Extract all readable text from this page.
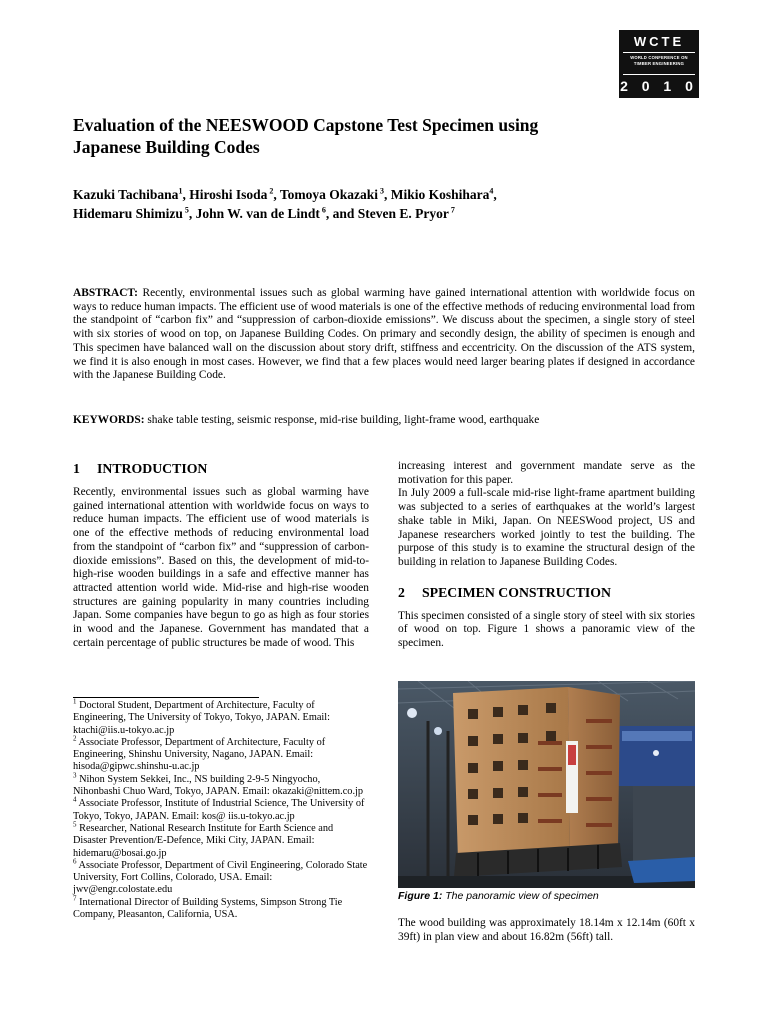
WCTE
WORLD CONFERENCE ON
TIMBER ENGINEERING
2 0 1 0
Evaluation of the NEESWOOD Capstone Test Specimen using
Japanese Building Codes
Kazuki Tachibana$^1$, Hiroshi Isoda $^2$, Tomoya Okazaki $^3$, Mikio Koshihara$^4$,
Hidemaru Shimizu $^5$, John W. van de Lindt $^6$, and Steven E. Pryor $^7$
ABSTRACT: Recently, environmental issues such as global warming have gained international attention with worldwide focus on ways to reduce human impacts. The efficient use of wood materials is one of the effective methods of reducing environmental load from the standpoint of “carbon fix” and “suppression of carbon-dioxide emissions”. We discuss about the specimen, a single story of steel with six stories of wood on top, on Japanese Building Codes. On primary and secondly design, the ability of specimen is enough and This specimen have balanced wall on the discussion about story drift, stiffness and eccentricity. On the discussion of the ATS system, we find it is also enough in most cases. However, we find that a few places would need larger bearing plates if designed in accordance with the Japanese Building Code.
KEYWORDS: shake table testing, seismic response, mid-rise building, light-frame wood, earthquake
1 INTRODUCTION

Recently, environmental issues such as global warming have gained international attention with worldwide focus on ways to reduce human impacts. The efficient use of wood materials is one of the effective methods of reducing environmental load from the standpoint of “carbon fix” and “suppression of carbon-dioxide emissions”. Based on this, the development of mid-to-high-rise wooden buildings in a safe and effective manner has attracted attention world wide. Mid-rise and high-rise wooden structures are gaining popularity in many countries including Japan. Some companies have begun to go as high as four stories in wood and the Japanese. Government has mandated that a certain percentage of public structures be made of wood. This

$^1$ Doctoral Student, Department of Architecture, Faculty of Engineering, The University of Tokyo, Tokyo, JAPAN. Email: ktachi@iis.u-tokyo.ac.jp

$^2$ Associate Professor, Department of Architecture, Faculty of Engineering, Shinshu University, Nagano, JAPAN. Email: hisoda@gipwc.shinshu-u.ac.jp

$^3$ Nihon System Sekkei, Inc., NS building 2-9-5 Ningyocho, Nihonbashi Chuo Ward, Tokyo, JAPAN. Email: okazaki@nittem.co.jp

$^4$ Associate Professor, Institute of Industrial Science, The University of Tokyo, Tokyo, JAPAN. Email: kos@ iis.u-tokyo.ac.jp

$^5$ Researcher, National Research Institute for Earth Science and Disaster Prevention/E-Defence, Miki City, JAPAN. Email: hidemaru@bosai.go.jp

$^6$ Associate Professor, Department of Civil Engineering, Colorado State University, Fort Collins, Colorado, USA. Email: jwv@engr.colostate.edu

$^7$ International Director of Building Systems, Simpson Strong Tie Company, Pleasanton, California, USA.

increasing interest and government mandate serve as the motivation for this paper.

In July 2009 a full-scale mid-rise light-frame apartment building was subjected to a series of earthquakes at the world’s largest shake table in Miki, Japan. On NEESWood project, US and Japanese researchers worked jointly to test the building. The purpose of this study is to examine the structural design of the building in relation to Japanese Building Codes.

2 SPECIMEN CONSTRUCTION

This specimen consisted of a single story of steel with six stories of wood on top. Figure 1 shows a panoramic view of the specimen.

Figure 1: The panoramic view of specimen

The wood building was approximately 18.14m x 12.14m (60ft x 39ft) in plan view and about 16.82m (56ft) tall.
